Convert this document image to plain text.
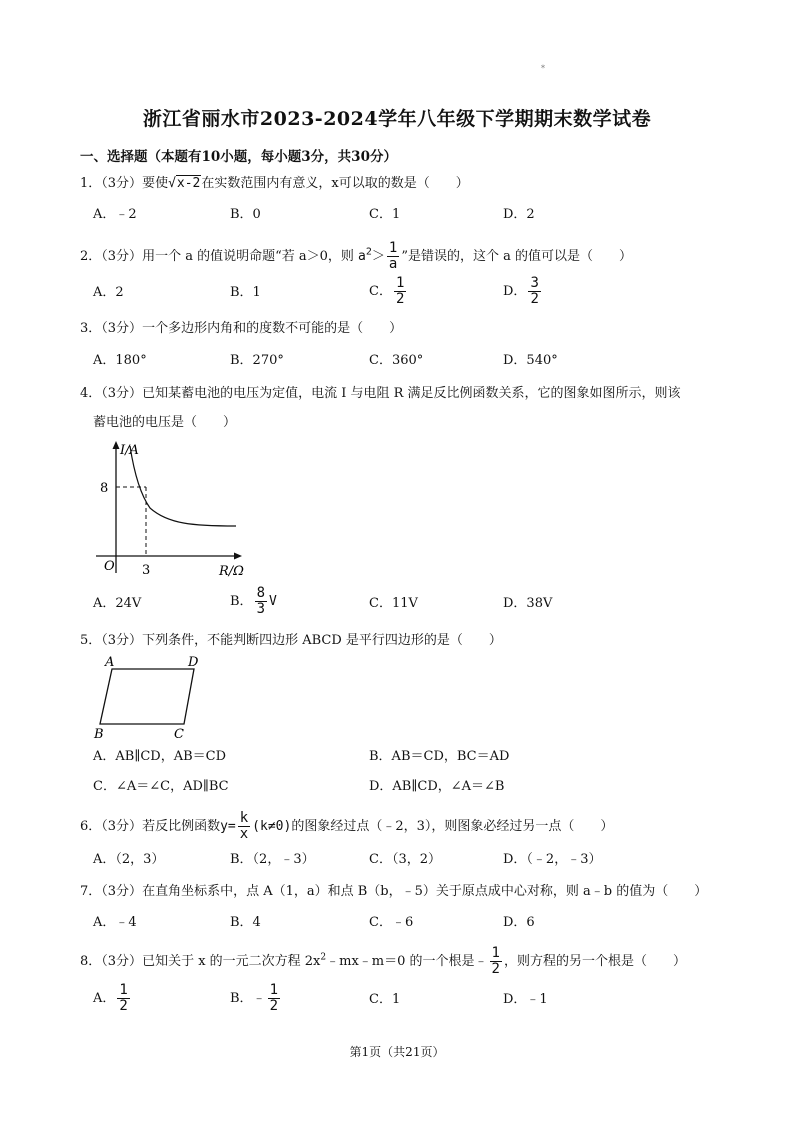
*
浙江省丽水市2023-2024学年八年级下学期期末数学试卷
一、选择题（本题有10小题，每小题3分，共30分）
1．（3分）要使√x-2在实数范围内有意义，x可以取的数是（　　）
A．﹣2	B．0	C．1	D．2
2．（3分）用一个 a 的值说明命题“若 a＞0，则 $a^2> \frac{1}{a}$ ”是错误的，这个 a 的值可以是（　　）
A．2	B．1	C． $\frac{1}{2}$	D． $\frac{3}{2}$
3．（3分）一个多边形内角和的度数不可能的是（　　）
A．180°	B．270°	C．360°	D．540°
4．（3分）已知某蓄电池的电压为定值，电流 I 与电阻 R 满足反比例函数关系，它的图象如图所示，则该
蓄电池的电压是（　　）
I/A
R/Ω
O
8
3
A．24V	B． $\frac{8}{3}$ V	C．11V	D．38V
5．（3分）下列条件，不能判断四边形 ABCD 是平行四边形的是（　　）
A	D
B	C
A．AB∥CD，AB＝CD	B．AB＝CD，BC＝AD
C．∠A＝∠C，AD∥BC	D．AB∥CD，∠A＝∠B
6．（3分）若反比例函数$y= \frac{k}{x} (k\ne 0)$的图象经过点（﹣2，3），则图象必经过另一点（　　）
A．（2，3）	B．（2，﹣3）	C．（3，2）	D．（﹣2，﹣3）
7．（3分）在直角坐标系中，点 A（1，a）和点 B（b，﹣5）关于原点成中心对称，则 a﹣b 的值为（　　）
A．﹣4	B．4	C．﹣6	D．6
8．（3分）已知关于 x 的一元二次方程 $2x^2﹣mx﹣m=0$ 的一个根是﹣ $\frac{1}{2}$ ，则方程的另一个根是（　　）
A． $\frac{1}{2}$	B．﹣ $\frac{1}{2}$	C．1	D．﹣1
第1页（共21页）
